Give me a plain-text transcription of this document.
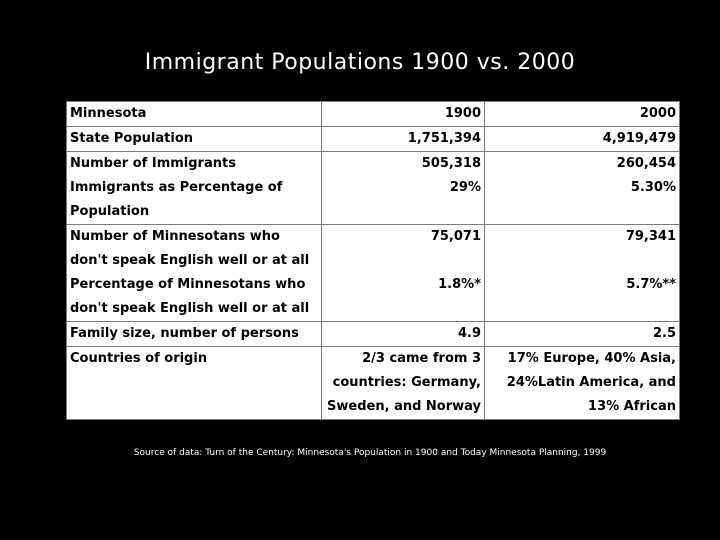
Immigrant Populations 1900 vs. 2000
Minnesota	1900	2000
State Population	1,751,394	4,919,479
Number of Immigrants	505,318	260,454
Immigrants as Percentage of Population	29%	5.30%
Number of Minnesotans who don't speak English well or at all	75,071	79,341
Percentage of Minnesotans who don't speak English well or at all	1.8%*	5.7%**
Family size, number of persons	4.9	2.5
Countries of origin	2/3 came from 3 countries: Germany, Sweden, and Norway	17% Europe, 40% Asia, 24%Latin America, and 13% African
Source of data: Turn of the Century: Minnesota's Population in 1900 and Today Minnesota Planning, 1999
